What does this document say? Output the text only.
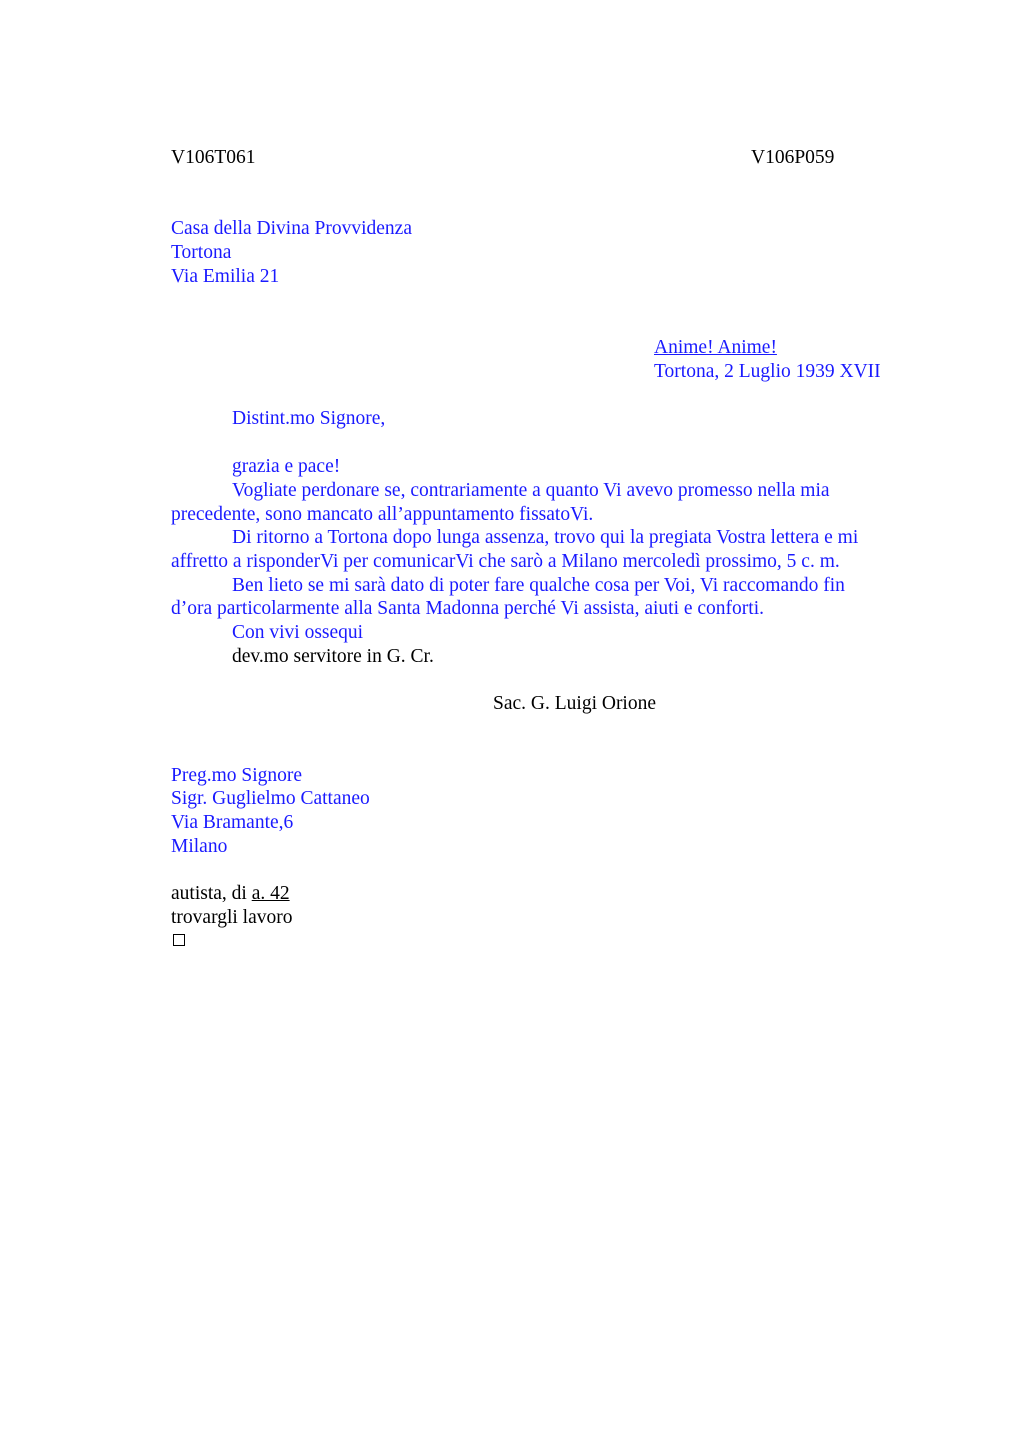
V106T061	V106P059
Casa della Divina Provvidenza
Tortona
Via Emilia 21
Anime! Anime!
Tortona, 2 Luglio 1939 XVII
Distint.mo Signore,
grazia e pace!
Vogliate perdonare se, contrariamente a quanto Vi avevo promesso nella mia
precedente, sono mancato all’appuntamento fissatoVi.
Di ritorno a Tortona dopo lunga assenza, trovo qui la pregiata Vostra lettera e mi
affretto a risponderVi per comunicarVi che sarò a Milano mercoledì prossimo, 5 c. m.
Ben lieto se mi sarà dato di poter fare qualche cosa per Voi, Vi raccomando fin
d’ora particolarmente alla Santa Madonna perché Vi assista, aiuti e conforti.
Con vivi ossequi
dev.mo servitore in G. Cr.
Sac. G. Luigi Orione
Preg.mo Signore
Sigr. Guglielmo Cattaneo
Via Bramante,6
Milano
autista, di a. 42
trovargli lavoro
